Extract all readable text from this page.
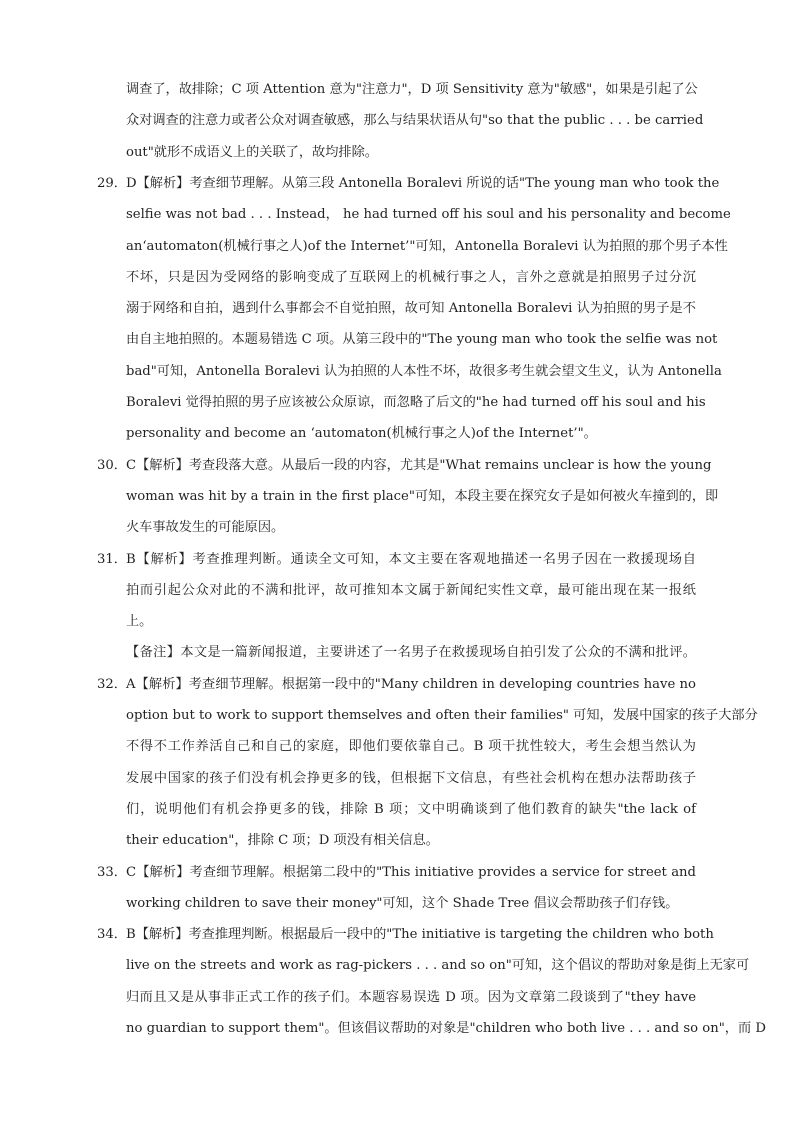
调查了，故排除；C 项 Attention 意为"注意力"，D 项 Sensitivity 意为"敏感"，如果是引起了公
众对调查的注意力或者公众对调查敏感，那么与结果状语从句"so that the public . . . be carried
out"就形不成语义上的关联了，故均排除。
29． D【解析】考查细节理解。从第三段 Antonella Boralevi 所说的话"The young man who took the
selfie was not bad . . . Instead， he had turned off his soul and his personality and become
an‘automaton(机械行事之人)of the Internet’"可知，Antonella Boralevi 认为拍照的那个男子本性
不坏，只是因为受网络的影响变成了互联网上的机械行事之人，言外之意就是拍照男子过分沉
溺于网络和自拍，遇到什么事都会不自觉拍照，故可知 Antonella Boralevi 认为拍照的男子是不
由自主地拍照的。本题易错选 C 项。从第三段中的"The young man who took the selfie was not
bad"可知，Antonella Boralevi 认为拍照的人本性不坏，故很多考生就会望文生义，认为 Antonella
Boralevi 觉得拍照的男子应该被公众原谅，而忽略了后文的"he had turned off his soul and his
personality and become an ‘automaton(机械行事之人)of the Internet’"。
30． C【解析】考查段落大意。从最后一段的内容，尤其是"What remains unclear is how the young
woman was hit by a train in the first place"可知，本段主要在探究女子是如何被火车撞到的，即
火车事故发生的可能原因。
31． B【解析】考查推理判断。通读全文可知，本文主要在客观地描述一名男子因在一救援现场自
拍而引起公众对此的不满和批评，故可推知本文属于新闻纪实性文章，最可能出现在某一报纸
上。
【备注】本文是一篇新闻报道，主要讲述了一名男子在救援现场自拍引发了公众的不满和批评。
32． A【解析】考查细节理解。根据第一段中的"Many children in developing countries have no
option but to work to support themselves and often their families" 可知，发展中国家的孩子大部分
不得不工作养活自己和自己的家庭，即他们要依靠自己。B 项干扰性较大，考生会想当然认为
发展中国家的孩子们没有机会挣更多的钱，但根据下文信息，有些社会机构在想办法帮助孩子
们，说明他们有机会挣更多的钱，排除 B 项；文中明确谈到了他们教育的缺失"the lack of
their education"，排除 C 项；D 项没有相关信息。
33． C【解析】考查细节理解。根据第二段中的"This initiative provides a service for street and
working children to save their money"可知，这个 Shade Tree 倡议会帮助孩子们存钱。
34． B【解析】考查推理判断。根据最后一段中的"The initiative is targeting the children who both
live on the streets and work as rag-pickers . . . and so on"可知，这个倡议的帮助对象是街上无家可
归而且又是从事非正式工作的孩子们。本题容易误选 D 项。因为文章第二段谈到了"they have
no guardian to support them"。但该倡议帮助的对象是"children who both live . . . and so on"，而 D
